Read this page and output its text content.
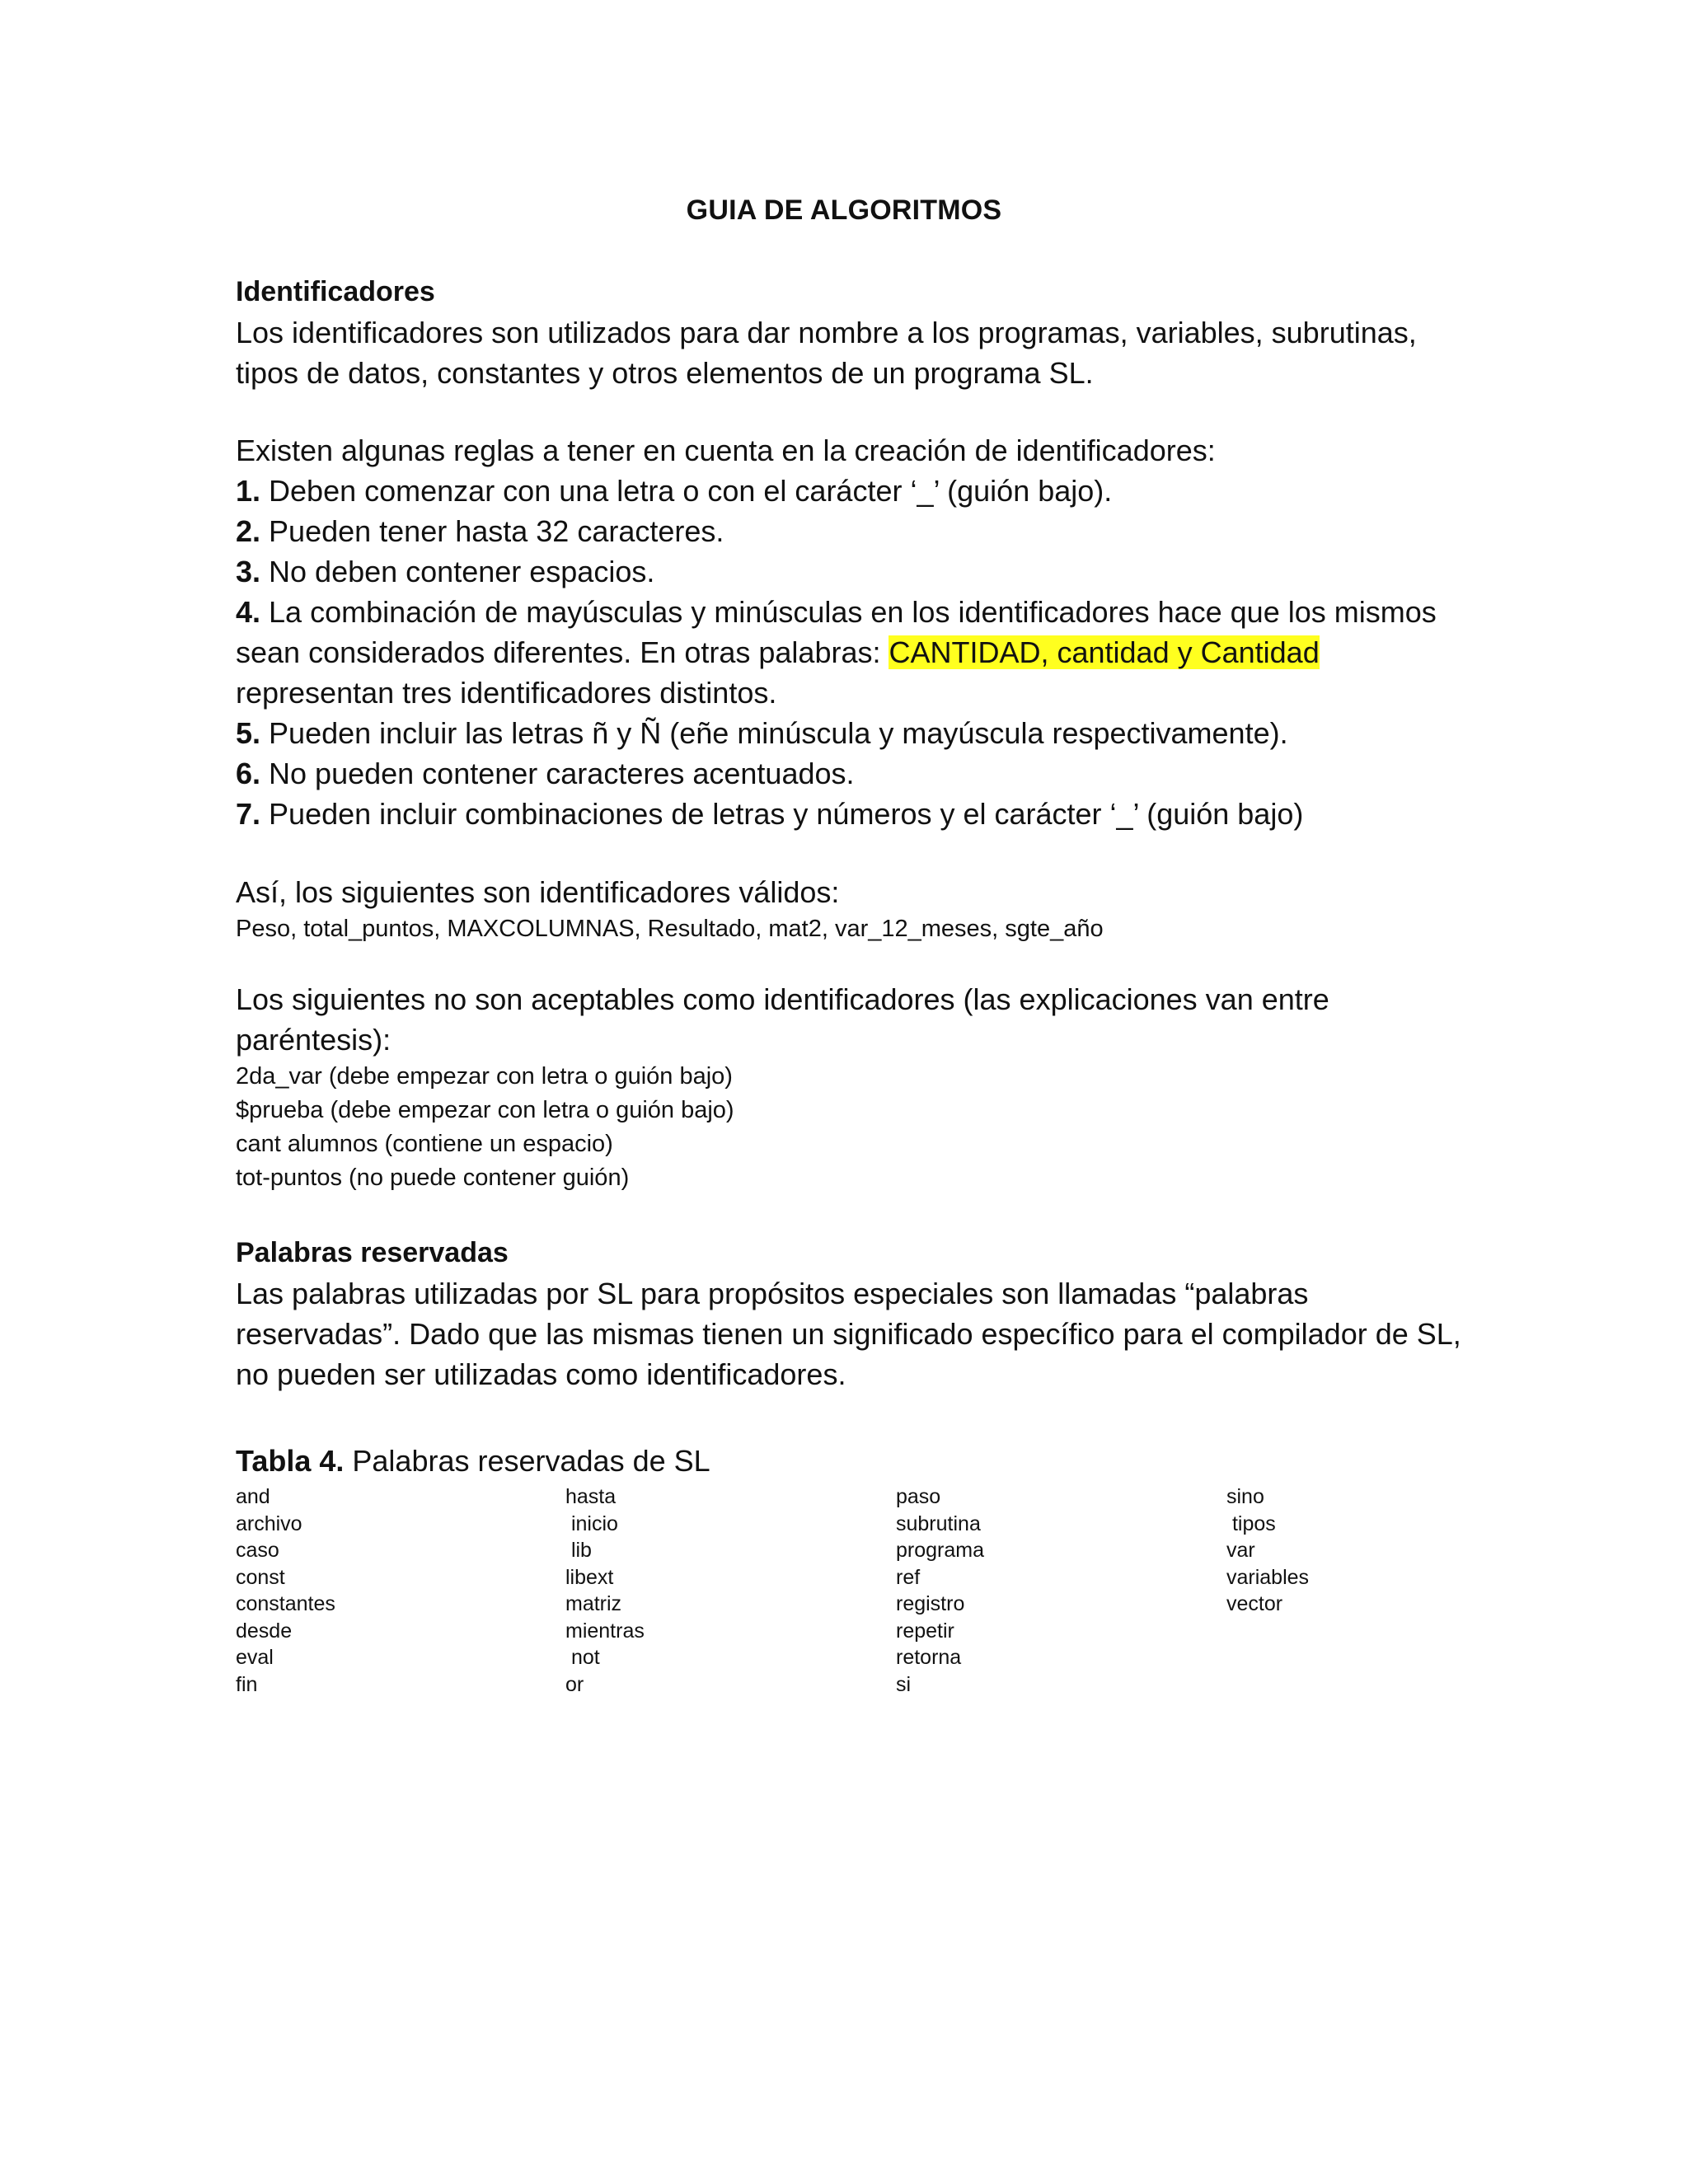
GUIA DE ALGORITMOS
Identificadores
Los identificadores son utilizados para dar nombre a los programas, variables, subrutinas, tipos de datos, constantes y otros elementos de un programa SL.
Existen algunas reglas a tener en cuenta en la creación de identificadores:
1. Deben comenzar con una letra o con el carácter ‘_’ (guión bajo).
2. Pueden tener hasta 32 caracteres.
3. No deben contener espacios.
4. La combinación de mayúsculas y minúsculas en los identificadores hace que los mismos sean considerados diferentes. En otras palabras: CANTIDAD, cantidad y Cantidad representan tres identificadores distintos.
5. Pueden incluir las letras ñ y Ñ (eñe minúscula y mayúscula respectivamente).
6. No pueden contener caracteres acentuados.
7. Pueden incluir combinaciones de letras y números y el carácter ‘_’ (guión bajo)
Así, los siguientes son identificadores válidos:
Peso, total_puntos, MAXCOLUMNAS, Resultado, mat2, var_12_meses, sgte_año
Los siguientes no son aceptables como identificadores (las explicaciones van entre paréntesis):
2da_var (debe empezar con letra o guión bajo)
$prueba (debe empezar con letra o guión bajo)
cant alumnos (contiene un espacio)
tot-puntos (no puede contener guión)
Palabras reservadas
Las palabras utilizadas por SL para propósitos especiales son llamadas “palabras reservadas”. Dado que las mismas tienen un significado específico para el compilador de SL, no pueden ser utilizadas como identificadores.
Tabla 4. Palabras reservadas de SL
and
archivo
caso
const
constantes
desde
eval
fin
hasta
inicio
lib
libext
matriz
mientras
not
or
paso
subrutina
programa
ref
registro
repetir
retorna
si
sino
tipos
var
variables
vector
